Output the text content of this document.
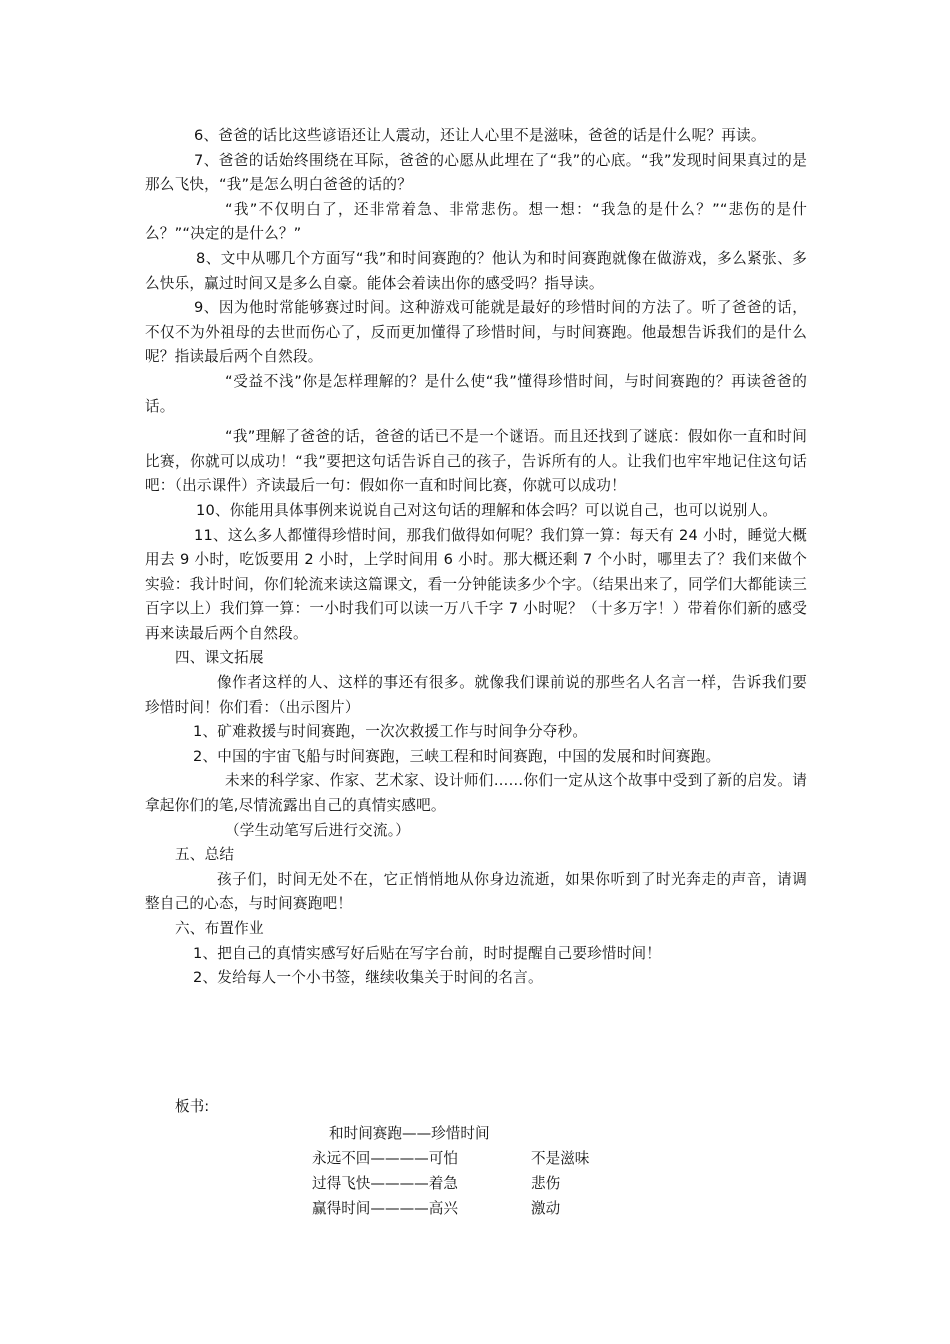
6、爸爸的话比这些谚语还让人震动，还让人心里不是滋味，爸爸的话是什么呢？再读。

7、爸爸的话始终围绕在耳际，爸爸的心愿从此埋在了“我”的心底。“我”发现时间果真过的是那么飞快，“我”是怎么明白爸爸的话的？

“我”不仅明白了，还非常着急、非常悲伤。想一想：“我急的是什么？”“悲伤的是什么？”“决定的是什么？”

8、文中从哪几个方面写“我”和时间赛跑的？他认为和时间赛跑就像在做游戏，多么紧张、多么快乐，赢过时间又是多么自豪。能体会着读出你的感受吗？指导读。

9、因为他时常能够赛过时间。这种游戏可能就是最好的珍惜时间的方法了。听了爸爸的话，不仅不为外祖母的去世而伤心了，反而更加懂得了珍惜时间，与时间赛跑。他最想告诉我们的是什么呢？指读最后两个自然段。

“受益不浅”你是怎样理解的？是什么使“我”懂得珍惜时间，与时间赛跑的？再读爸爸的话。

“我”理解了爸爸的话，爸爸的话已不是一个谜语。而且还找到了谜底：假如你一直和时间比赛，你就可以成功！“我”要把这句话告诉自己的孩子，告诉所有的人。让我们也牢牢地记住这句话吧：（出示课件）齐读最后一句：假如你一直和时间比赛，你就可以成功！

10、你能用具体事例来说说自己对这句话的理解和体会吗？可以说自己，也可以说别人。

11、这么多人都懂得珍惜时间，那我们做得如何呢？我们算一算：每天有 24 小时，睡觉大概用去 9 小时，吃饭要用 2 小时，上学时间用 6 小时。那大概还剩 7 个小时，哪里去了？我们来做个实验：我计时间，你们轮流来读这篇课文，看一分钟能读多少个字。（结果出来了，同学们大都能读三百字以上）我们算一算：一小时我们可以读一万八千字 7 小时呢？（十多万字！）带着你们新的感受再来读最后两个自然段。

四、课文拓展

像作者这样的人、这样的事还有很多。就像我们课前说的那些名人名言一样，告诉我们要珍惜时间！你们看：（出示图片）

1、矿难救援与时间赛跑，一次次救援工作与时间争分夺秒。

2、中国的宇宙飞船与时间赛跑，三峡工程和时间赛跑，中国的发展和时间赛跑。

未来的科学家、作家、艺术家、设计师们……你们一定从这个故事中受到了新的启发。请拿起你们的笔,尽情流露出自己的真情实感吧。

（学生动笔写后进行交流。）

五、总结

孩子们，时间无处不在，它正悄悄地从你身边流逝，如果你听到了时光奔走的声音，请调整自己的心态，与时间赛跑吧！

六、布置作业

1、把自己的真情实感写好后贴在写字台前，时时提醒自己要珍惜时间！

2、发给每人一个小书签，继续收集关于时间的名言。

板书:
和时间赛跑——珍惜时间
永远不回————可怕	不是滋味
过得飞快————着急	悲伤
赢得时间————高兴	激动
